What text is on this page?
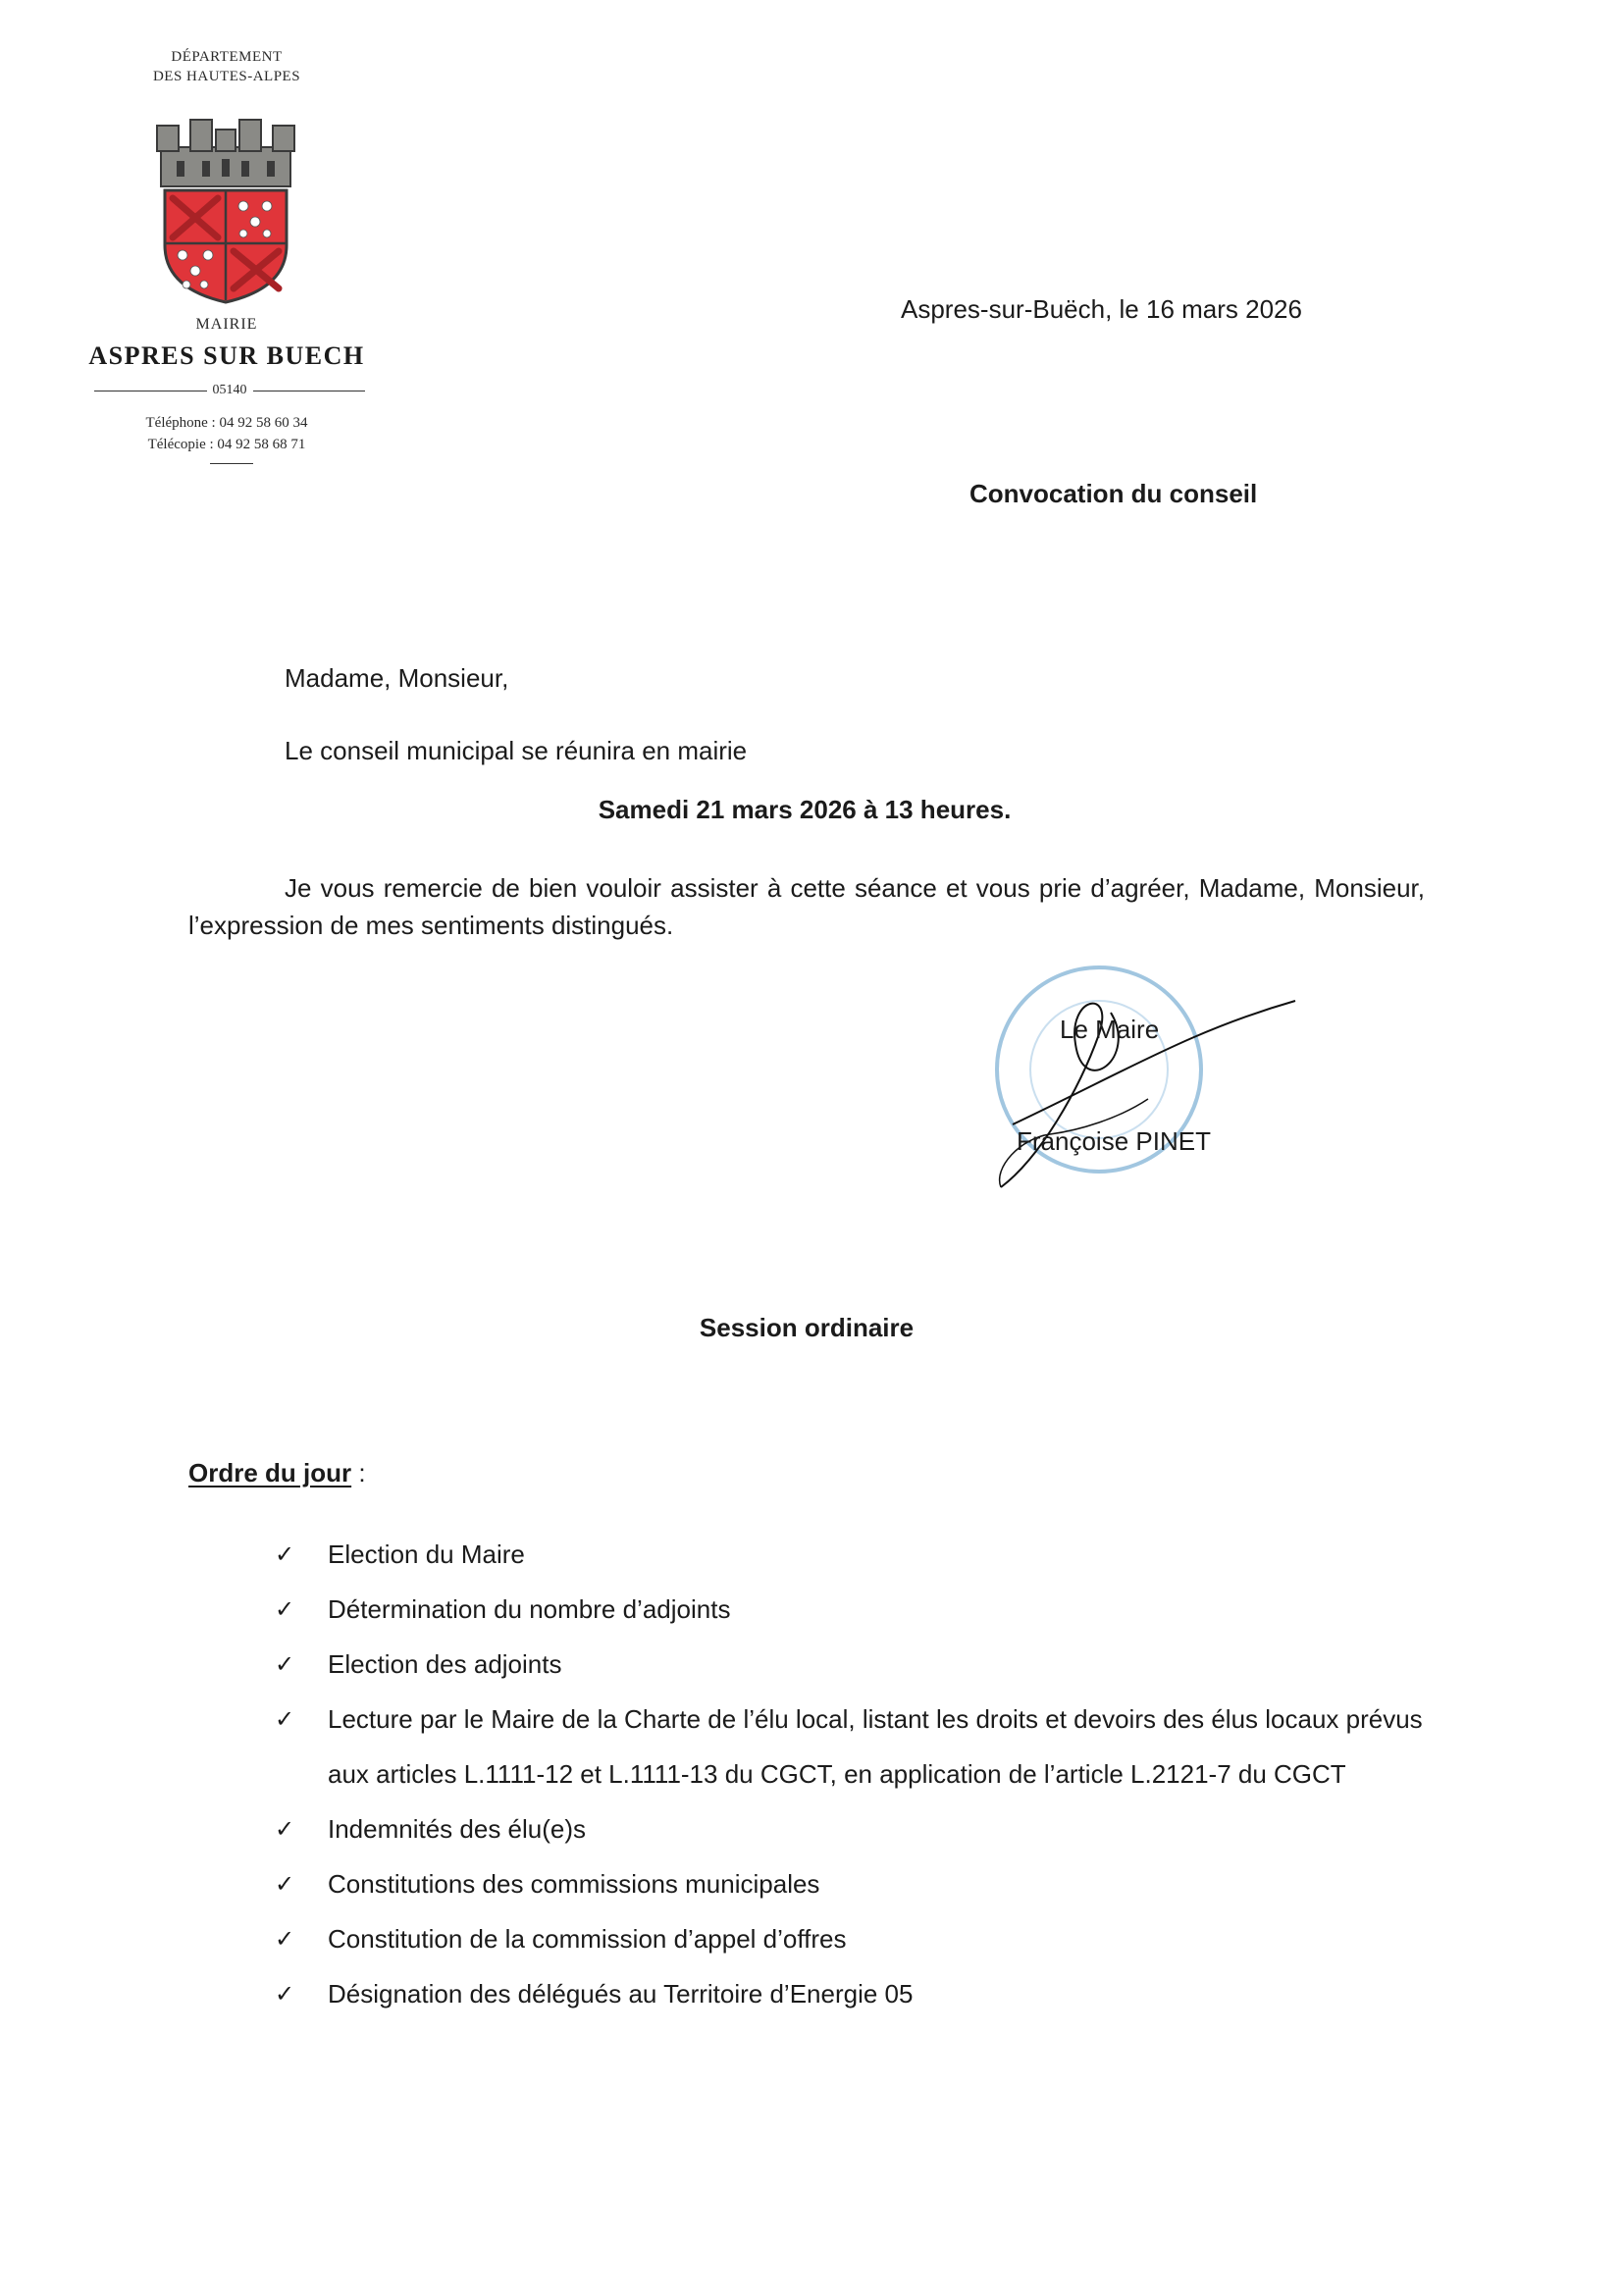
DÉPARTEMENT
DES HAUTES-ALPES
MAIRIE
ASPRES SUR BUECH
05140
Téléphone : 04 92 58 60 34
Télécopie : 04 92 58 68 71
Aspres-sur-Buëch, le 16 mars 2026
Convocation du conseil
Madame, Monsieur,
Le conseil municipal se réunira en mairie
Samedi 21 mars 2026 à 13 heures.
Je vous remercie de bien vouloir assister à cette séance et vous prie d’agréer, Madame, Monsieur, l’expression de mes sentiments distingués.
Le Maire
Françoise PINET
Session ordinaire
Ordre du jour :
✓ Election du Maire
✓ Détermination du nombre d’adjoints
✓ Election des adjoints
✓ Lecture par le Maire de la Charte de l’élu local, listant les droits et devoirs des élus locaux prévus aux articles L.1111-12 et L.1111-13 du CGCT, en application de l’article L.2121-7 du CGCT
✓ Indemnités des élu(e)s
✓ Constitutions des commissions municipales
✓ Constitution de la commission d’appel d’offres
✓ Désignation des délégués au Territoire d’Energie 05
